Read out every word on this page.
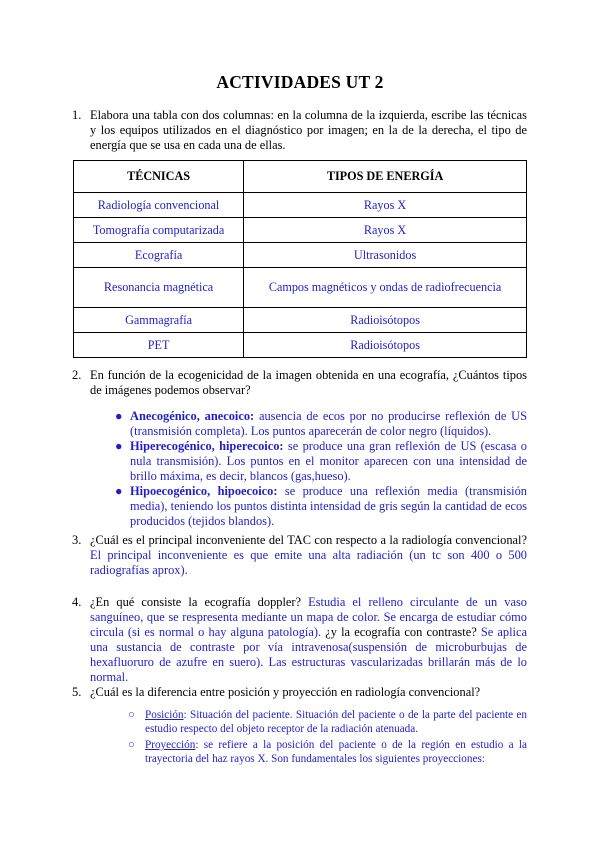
ACTIVIDADES UT 2
1. Elabora una tabla con dos columnas: en la columna de la izquierda, escribe las técnicas y los equipos utilizados en el diagnóstico por imagen; en la de la derecha, el tipo de energía que se usa en cada una de ellas.
TÉCNICAS	TIPOS DE ENERGÍA
Radiología convencional	Rayos X
Tomografía computarizada	Rayos X
Ecografía	Ultrasonidos
Resonancia magnética	Campos magnéticos y ondas de radiofrecuencia
Gammagrafía	Radioisótopos
PET	Radioisótopos
2. En función de la ecogenicidad de la imagen obtenida en una ecografía, ¿Cuántos tipos de imágenes podemos observar?
● Anecogénico, anecoico: ausencia de ecos por no producirse reflexión de US (transmisión completa). Los puntos aparecerán de color negro (líquidos).
● Hiperecogénico, hiperecoico: se produce una gran reflexión de US (escasa o nula transmisión). Los puntos en el monitor aparecen con una intensidad de brillo máxima, es decir, blancos (gas,hueso).
● Hipoecogénico, hipoecoico: se produce una reflexión media (transmisión media), teniendo los puntos distinta intensidad de gris según la cantidad de ecos producidos (tejidos blandos).
3. ¿Cuál es el principal inconveniente del TAC con respecto a la radiología convencional? El principal inconveniente es que emite una alta radiación (un tc son 400 o 500 radiografías aprox).
4. ¿En qué consiste la ecografía doppler? Estudia el relleno circulante de un vaso sanguíneo, que se respresenta mediante un mapa de color. Se encarga de estudiar cómo circula (si es normal o hay alguna patología). ¿y la ecografía con contraste? Se aplica una sustancia de contraste por vía intravenosa(suspensión de microburbujas de hexafluoruro de azufre en suero). Las estructuras vascularizadas brillarán más de lo normal.
5. ¿Cuál es la diferencia entre posición y proyección en radiología convencional?
○ Posición: Situación del paciente. Situación del paciente o de la parte del paciente en estudio respecto del objeto receptor de la radiación atenuada.
○ Proyección: se refiere a la posición del paciente o de la región en estudio a la trayectoria del haz rayos X. Son fundamentales los siguientes proyecciones:
